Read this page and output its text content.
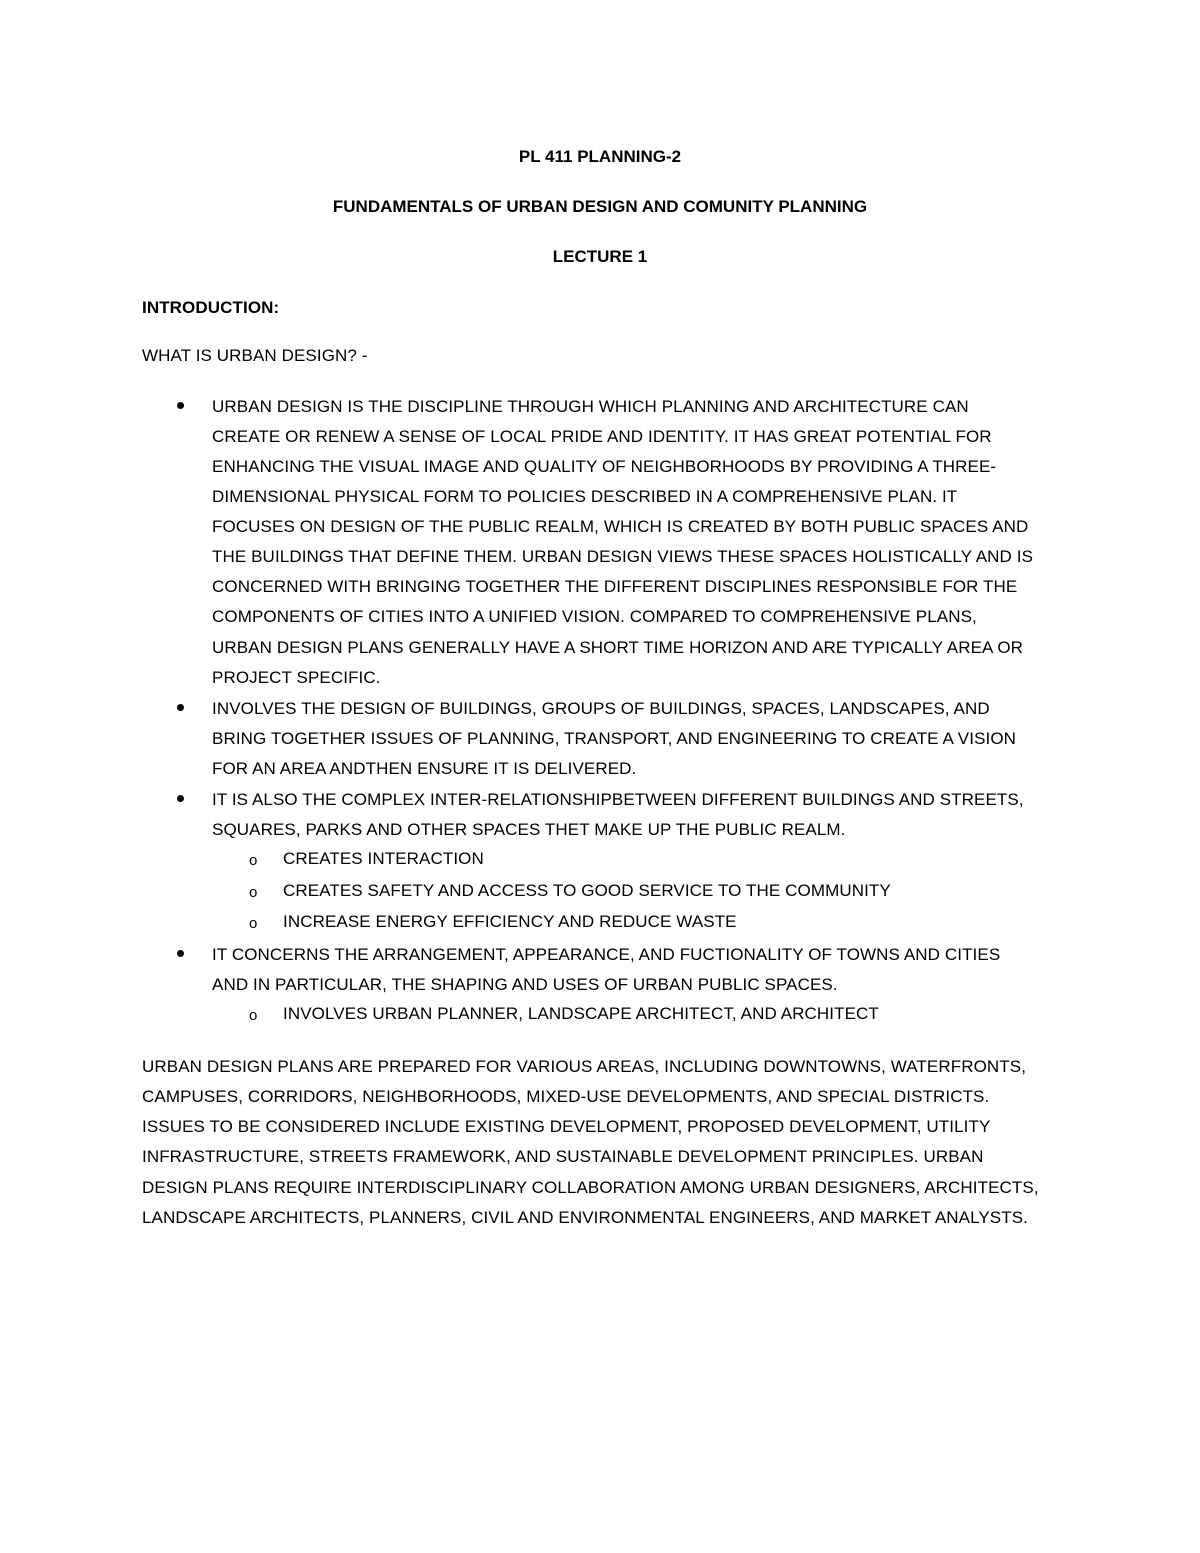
PL 411 PLANNING-2
FUNDAMENTALS OF URBAN DESIGN AND COMUNITY PLANNING
LECTURE 1
INTRODUCTION:
WHAT IS URBAN DESIGN? -
URBAN DESIGN IS THE DISCIPLINE THROUGH WHICH PLANNING AND ARCHITECTURE CAN
CREATE OR RENEW A SENSE OF LOCAL PRIDE AND IDENTITY. IT HAS GREAT POTENTIAL FOR
ENHANCING THE VISUAL IMAGE AND QUALITY OF NEIGHBORHOODS BY PROVIDING A THREE-
DIMENSIONAL PHYSICAL FORM TO POLICIES DESCRIBED IN A COMPREHENSIVE PLAN. IT
FOCUSES ON DESIGN OF THE PUBLIC REALM, WHICH IS CREATED BY BOTH PUBLIC SPACES AND
THE BUILDINGS THAT DEFINE THEM. URBAN DESIGN VIEWS THESE SPACES HOLISTICALLY AND IS
CONCERNED WITH BRINGING TOGETHER THE DIFFERENT DISCIPLINES RESPONSIBLE FOR THE
COMPONENTS OF CITIES INTO A UNIFIED VISION. COMPARED TO COMPREHENSIVE PLANS,
URBAN DESIGN PLANS GENERALLY HAVE A SHORT TIME HORIZON AND ARE TYPICALLY AREA OR
PROJECT SPECIFIC.
INVOLVES THE DESIGN OF BUILDINGS, GROUPS OF BUILDINGS, SPACES, LANDSCAPES, AND
BRING TOGETHER ISSUES OF PLANNING, TRANSPORT, AND ENGINEERING TO CREATE A VISION
FOR AN AREA ANDTHEN ENSURE IT IS DELIVERED.
IT IS ALSO THE COMPLEX INTER-RELATIONSHIPBETWEEN DIFFERENT BUILDINGS AND STREETS,
SQUARES, PARKS AND OTHER SPACES THET MAKE UP THE PUBLIC REALM.
o CREATES INTERACTION
o CREATES SAFETY AND ACCESS TO GOOD SERVICE TO THE COMMUNITY
o INCREASE ENERGY EFFICIENCY AND REDUCE WASTE
IT CONCERNS THE ARRANGEMENT, APPEARANCE, AND FUCTIONALITY OF TOWNS AND CITIES
AND IN PARTICULAR, THE SHAPING AND USES OF URBAN PUBLIC SPACES.
o INVOLVES URBAN PLANNER, LANDSCAPE ARCHITECT, AND ARCHITECT
URBAN DESIGN PLANS ARE PREPARED FOR VARIOUS AREAS, INCLUDING DOWNTOWNS, WATERFRONTS,
CAMPUSES, CORRIDORS, NEIGHBORHOODS, MIXED-USE DEVELOPMENTS, AND SPECIAL DISTRICTS.
ISSUES TO BE CONSIDERED INCLUDE EXISTING DEVELOPMENT, PROPOSED DEVELOPMENT, UTILITY
INFRASTRUCTURE, STREETS FRAMEWORK, AND SUSTAINABLE DEVELOPMENT PRINCIPLES. URBAN
DESIGN PLANS REQUIRE INTERDISCIPLINARY COLLABORATION AMONG URBAN DESIGNERS, ARCHITECTS,
LANDSCAPE ARCHITECTS, PLANNERS, CIVIL AND ENVIRONMENTAL ENGINEERS, AND MARKET ANALYSTS.
